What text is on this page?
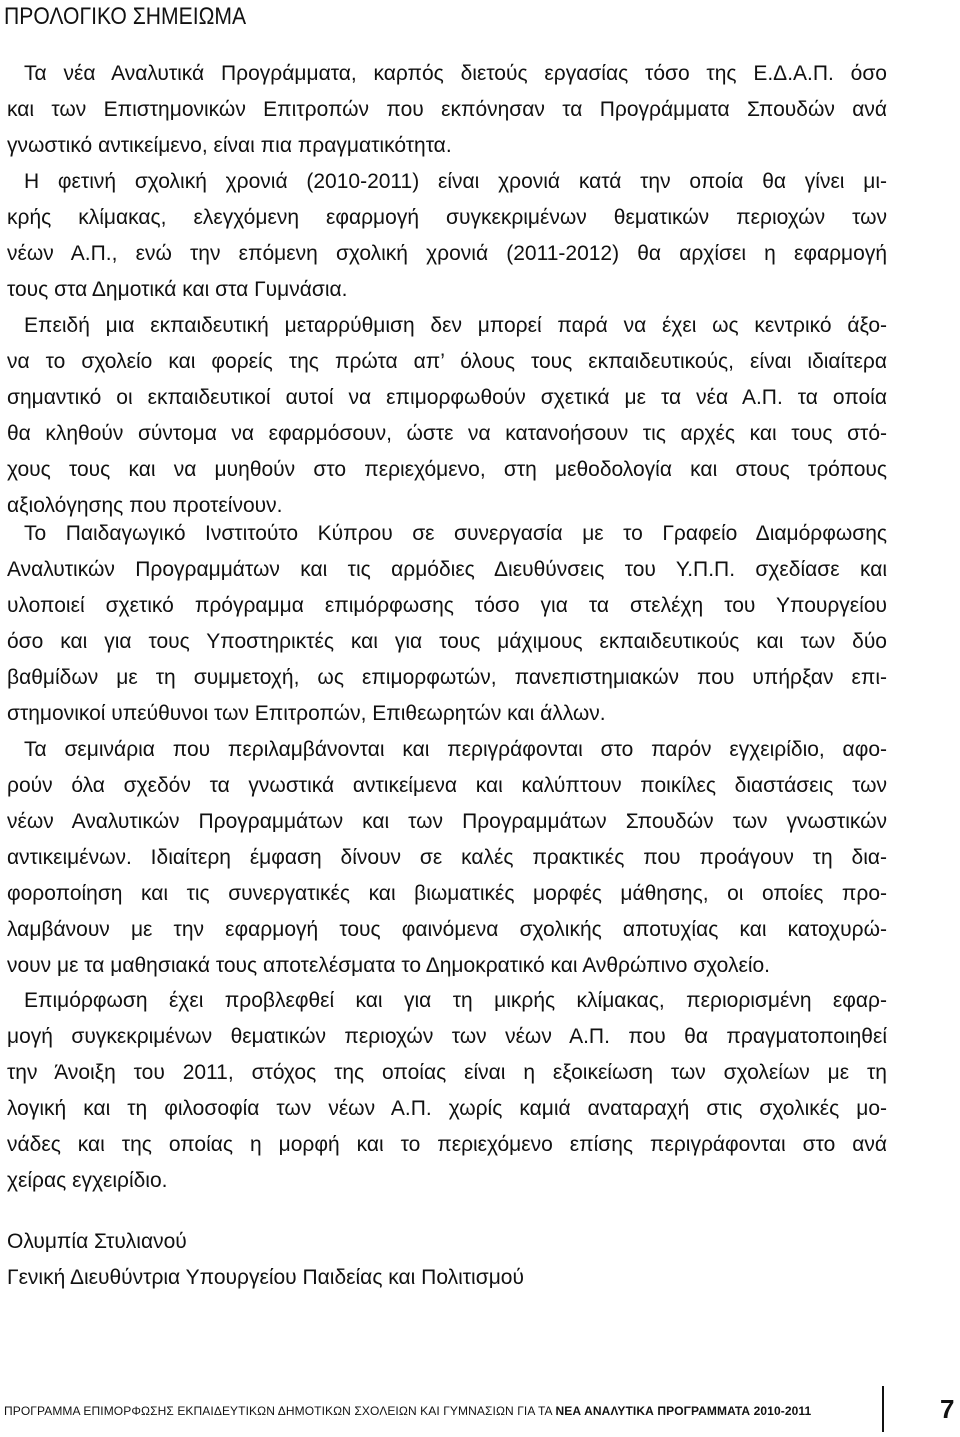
ΠΡΟΛΟΓΙΚΟ ΣΗΜΕΙΩΜΑ
Τα νέα Αναλυτικά Προγράμματα, καρπός διετούς εργασίας τόσο της Ε.Δ.Α.Π. όσο
και των Επιστημονικών Επιτροπών που εκπόνησαν τα Προγράμματα Σπουδών ανά
γνωστικό αντικείμενο, είναι πια πραγματικότητα.
Η φετινή σχολική χρονιά (2010-2011) είναι χρονιά κατά την οποία θα γίνει μι-
κρής κλίμακας, ελεγχόμενη εφαρμογή συγκεκριμένων θεματικών περιοχών των
νέων Α.Π., ενώ την επόμενη σχολική χρονιά (2011-2012) θα αρχίσει η εφαρμογή
τους στα Δημοτικά και στα Γυμνάσια.
Επειδή μια εκπαιδευτική μεταρρύθμιση δεν μπορεί παρά να έχει ως κεντρικό άξο-
να το σχολείο και φορείς της πρώτα απ’ όλους τους εκπαιδευτικούς, είναι ιδιαίτερα
σημαντικό οι εκπαιδευτικοί αυτοί να επιμορφωθούν σχετικά με τα νέα Α.Π. τα οποία
θα κληθούν σύντομα να εφαρμόσουν, ώστε να κατανοήσουν τις αρχές και τους στό-
χους τους και να μυηθούν στο περιεχόμενο, στη μεθοδολογία και στους τρόπους
αξιολόγησης που προτείνουν.
Το Παιδαγωγικό Ινστιτούτο Κύπρου σε συνεργασία με το Γραφείο Διαμόρφωσης
Αναλυτικών Προγραμμάτων και τις αρμόδιες Διευθύνσεις του Υ.Π.Π. σχεδίασε και
υλοποιεί σχετικό πρόγραμμα επιμόρφωσης τόσο για τα στελέχη του Υπουργείου
όσο και για τους Υποστηρικτές και για τους μάχιμους εκπαιδευτικούς και των δύο
βαθμίδων με τη συμμετοχή, ως επιμορφωτών, πανεπιστημιακών που υπήρξαν επι-
στημονικοί υπεύθυνοι των Επιτροπών, Επιθεωρητών και άλλων.
Τα σεμινάρια που περιλαμβάνονται και περιγράφονται στο παρόν εγχειρίδιο, αφο-
ρούν όλα σχεδόν τα γνωστικά αντικείμενα και καλύπτουν ποικίλες διαστάσεις των
νέων Αναλυτικών Προγραμμάτων και των Προγραμμάτων Σπουδών των γνωστικών
αντικειμένων. Ιδιαίτερη έμφαση δίνουν σε καλές πρακτικές που προάγουν τη δια-
φοροποίηση και τις συνεργατικές και βιωματικές μορφές μάθησης, οι οποίες προ-
λαμβάνουν με την εφαρμογή τους φαινόμενα σχολικής αποτυχίας και κατοχυρώ-
νουν με τα μαθησιακά τους αποτελέσματα το Δημοκρατικό και Ανθρώπινο σχολείο.
Επιμόρφωση έχει προβλεφθεί και για τη μικρής κλίμακας, περιορισμένη εφαρ-
μογή συγκεκριμένων θεματικών περιοχών των νέων Α.Π. που θα πραγματοποιηθεί
την Άνοιξη του 2011, στόχος της οποίας είναι η εξοικείωση των σχολείων με τη
λογική και τη φιλοσοφία των νέων Α.Π. χωρίς καμιά αναταραχή στις σχολικές μο-
νάδες και της οποίας η μορφή και το περιεχόμενο επίσης περιγράφονται στο ανά
χείρας εγχειρίδιο.
Ολυμπία Στυλιανού
Γενική Διευθύντρια Υπουργείου Παιδείας και Πολιτισμού
ΠΡΟΓΡΑΜΜΑ ΕΠΙΜΟΡΦΩΣΗΣ ΕΚΠΑΙΔΕΥΤΙΚΩΝ ΔΗΜΟΤΙΚΩΝ ΣΧΟΛΕΙΩΝ ΚΑΙ ΓΥΜΝΑΣΙΩΝ ΓΙΑ ΤΑ ΝΕΑ ΑΝΑΛΥΤΙΚΑ ΠΡΟΓΡΑΜΜΑΤΑ 2010-2011	7
